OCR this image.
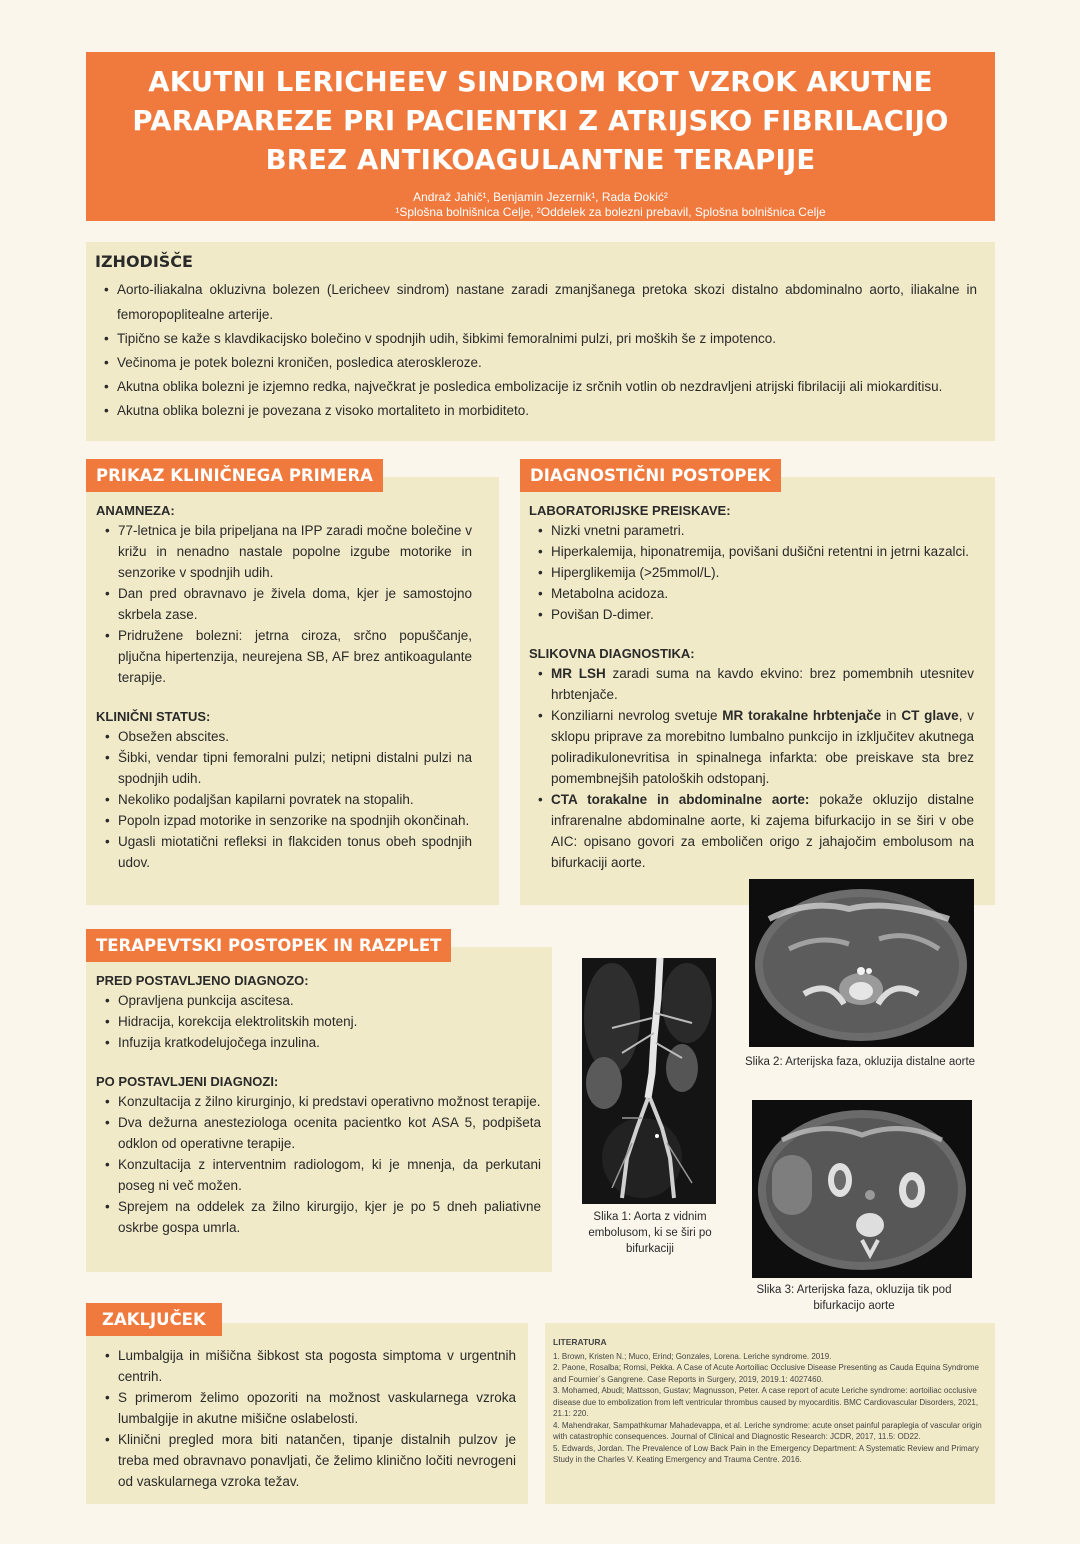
AKUTNI LERICHEEV SINDROM KOT VZROK AKUTNE PARAPAREZE PRI PACIENTKI Z ATRIJSKO FIBRILACIJO BREZ ANTIKOAGULANTNE TERAPIJE
Andraž Jahič¹, Benjamin Jezernik¹, Rada Đokić²
¹Splošna bolnišnica Celje, ²Oddelek za bolezni prebavil, Splošna bolnišnica Celje
IZHODIŠČE
• Aorto-iliakalna okluzivna bolezen (Lericheev sindrom) nastane zaradi zmanjšanega pretoka skozi distalno abdominalno aorto, iliakalne in femoropoplitealne arterije.
• Tipično se kaže s klavdikacijsko bolečino v spodnjih udih, šibkimi femoralnimi pulzi, pri moških še z impotenco.
• Večinoma je potek bolezni kroničen, posledica ateroskleroze.
• Akutna oblika bolezni je izjemno redka, največkrat je posledica embolizacije iz srčnih votlin ob nezdravljeni atrijski fibrilaciji ali miokarditisu.
• Akutna oblika bolezni je povezana z visoko mortaliteto in morbiditeto.
ANAMNEZA:
• 77-letnica je bila pripeljana na IPP zaradi močne bolečine v križu in nenadno nastale popolne izgube motorike in senzorike v spodnjih udih.
• Dan pred obravnavo je živela doma, kjer je samostojno skrbela zase.
• Pridružene bolezni: jetrna ciroza, srčno popuščanje, pljučna hipertenzija, neurejena SB, AF brez antikoagulante terapije.
KLINIČNI STATUS:
• Obsežen abscites.
• Šibki, vendar tipni femoralni pulzi; netipni distalni pulzi na spodnjih udih.
• Nekoliko podaljšan kapilarni povratek na stopalih.
• Popoln izpad motorike in senzorike na spodnjih okončinah.
• Ugasli miotatični refleksi in flakciden tonus obeh spodnjih udov.
PRIKAZ KLINIČNEGA PRIMERA
LABORATORIJSKE PREISKAVE:
• Nizki vnetni parametri.
• Hiperkalemija, hiponatremija, povišani dušični retentni in jetrni kazalci.
• Hiperglikemija (>25mmol/L).
• Metabolna acidoza.
• Povišan D-dimer.
SLIKOVNA DIAGNOSTIKA:
• MR LSH zaradi suma na kavdo ekvino: brez pomembnih utesnitev hrbtenjače.
• Konziliarni nevrolog svetuje MR torakalne hrbtenjače in CT glave, v sklopu priprave za morebitno lumbalno punkcijo in izključitev akutnega poliradikulonevritisa in spinalnega infarkta: obe preiskave sta brez pomembnejših patoloških odstopanj.
• CTA torakalne in abdominalne aorte: pokaže okluzijo distalne infrarenalne abdominalne aorte, ki zajema bifurkacijo in se širi v obe AIC: opisano govori za emboličen origo z jahajočim embolusom na bifurkaciji aorte.
DIAGNOSTIČNI POSTOPEK
PRED POSTAVLJENO DIAGNOZO:
• Opravljena punkcija ascitesa.
• Hidracija, korekcija elektrolitskih motenj.
• Infuzija kratkodelujočega inzulina.
PO POSTAVLJENI DIAGNOZI:
• Konzultacija z žilno kirurginjo, ki predstavi operativno možnost terapije.
• Dva dežurna anesteziologa ocenita pacientko kot ASA 5, podpišeta odklon od operativne terapije.
• Konzultacija z interventnim radiologom, ki je mnenja, da perkutani poseg ni več možen.
• Sprejem na oddelek za žilno kirurgijo, kjer je po 5 dneh paliativne oskrbe gospa umrla.
TERAPEVTSKI POSTOPEK IN RAZPLET
Slika 1: Aorta z vidnim embolusom, ki se širi po bifurkaciji
Slika 2: Arterijska faza, okluzija distalne aorte
Slika 3: Arterijska faza, okluzija tik pod bifurkacijo aorte
• Lumbalgija in mišična šibkost sta pogosta simptoma v urgentnih centrih.
• S primerom želimo opozoriti na možnost vaskularnega vzroka lumbalgije in akutne mišične oslabelosti.
• Klinični pregled mora biti natančen, tipanje distalnih pulzov je treba med obravnavo ponavljati, če želimo klinično ločiti nevrogeni od vaskularnega vzroka težav.
ZAKLJUČEK
LITERATURA
1. Brown, Kristen N.; Muco, Erind; Gonzales, Lorena. Leriche syndrome. 2019.
2. Paone, Rosalba; Romsi, Pekka. A Case of Acute Aortoiliac Occlusive Disease Presenting as Cauda Equina Syndrome and Fournier´s Gangrene. Case Reports in Surgery, 2019, 2019.1: 4027460.
3. Mohamed, Abudi; Mattsson, Gustav; Magnusson, Peter. A case report of acute Leriche syndrome: aortoiliac occlusive disease due to embolization from left ventricular thrombus caused by myocarditis. BMC Cardiovascular Disorders, 2021, 21.1: 220.
4. Mahendrakar, Sampathkumar Mahadevappa, et al. Leriche syndrome: acute onset painful paraplegia of vascular origin with catastrophic consequences. Journal of Clinical and Diagnostic Research: JCDR, 2017, 11.5: OD22.
5. Edwards, Jordan. The Prevalence of Low Back Pain in the Emergency Department: A Systematic Review and Primary Study in the Charles V. Keating Emergency and Trauma Centre. 2016.
